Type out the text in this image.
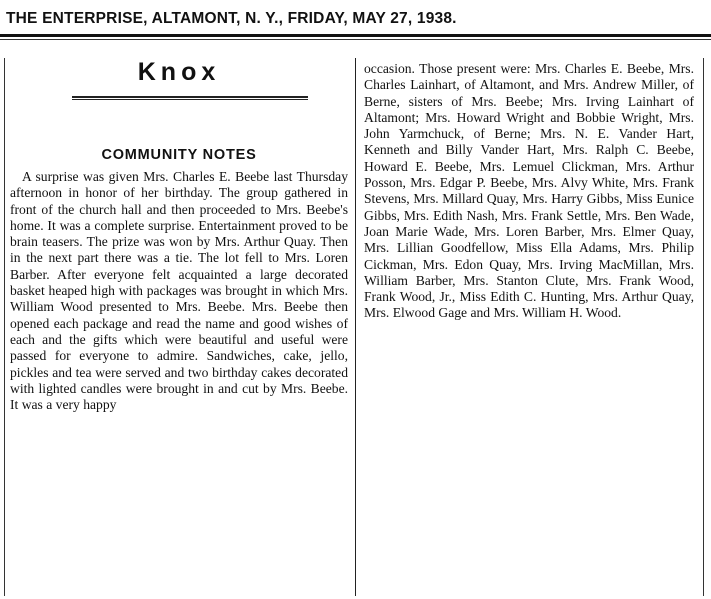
THE ENTERPRISE, ALTAMONT, N. Y., FRIDAY, MAY 27, 1938.
Knox
COMMUNITY NOTES

A surprise was given Mrs. Charles E. Beebe last Thursday afternoon in honor of her birthday. The group gathered in front of the church hall and then proceeded to Mrs. Beebe's home. It was a complete surprise. Entertainment proved to be brain teasers. The prize was won by Mrs. Arthur Quay. Then in the next part there was a tie. The lot fell to Mrs. Loren Barber. After everyone felt acquainted a large decorated basket heaped high with packages was brought in which Mrs. William Wood presented to Mrs. Beebe. Mrs. Beebe then opened each package and read the name and good wishes of each and the gifts which were beautiful and useful were passed for everyone to admire. Sandwiches, cake, jello, pickles and tea were served and two birthday cakes decorated with lighted candles were brought in and cut by Mrs. Beebe. It was a very happy

occasion. Those present were: Mrs. Charles E. Beebe, Mrs. Charles Lainhart, of Altamont, and Mrs. Andrew Miller, of Berne, sisters of Mrs. Beebe; Mrs. Irving Lainhart of Altamont; Mrs. Howard Wright and Bobbie Wright, Mrs. John Yarmchuck, of Berne; Mrs. N. E. Vander Hart, Kenneth and Billy Vander Hart, Mrs. Ralph C. Beebe, Howard E. Beebe, Mrs. Lemuel Clickman, Mrs. Arthur Posson, Mrs. Edgar P. Beebe, Mrs. Alvy White, Mrs. Frank Stevens, Mrs. Millard Quay, Mrs. Harry Gibbs, Miss Eunice Gibbs, Mrs. Edith Nash, Mrs. Frank Settle, Mrs. Ben Wade, Joan Marie Wade, Mrs. Loren Barber, Mrs. Elmer Quay, Mrs. Lillian Goodfellow, Miss Ella Adams, Mrs. Philip Cickman, Mrs. Edon Quay, Mrs. Irving MacMillan, Mrs. William Barber, Mrs. Stanton Clute, Mrs. Frank Wood, Frank Wood, Jr., Miss Edith C. Hunting, Mrs. Arthur Quay, Mrs. Elwood Gage and Mrs. William H. Wood.
